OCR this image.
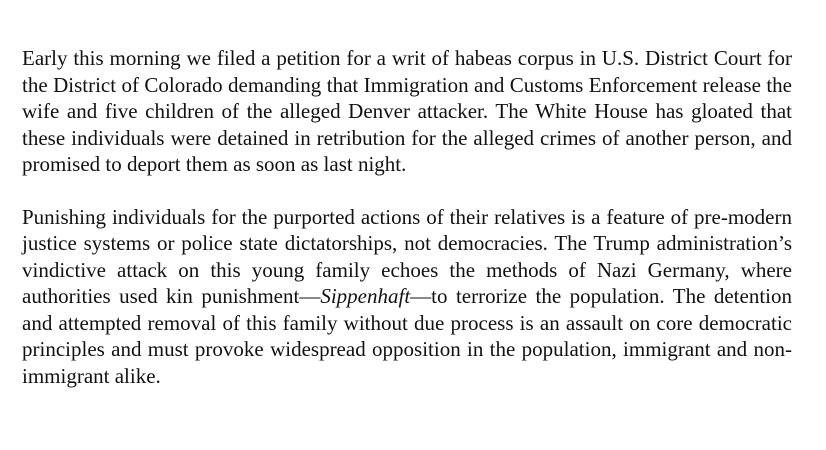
Early this morning we filed a petition for a writ of habeas corpus in U.S. District Court for the District of Colorado demanding that Immigration and Customs Enforcement release the wife and five children of the alleged Denver attacker. The White House has gloated that these individuals were detained in retribution for the alleged crimes of another person, and promised to deport them as soon as last night.

Punishing individuals for the purported actions of their relatives is a feature of pre-modern justice systems or police state dictatorships, not democracies. The Trump administration’s vindictive attack on this young family echoes the methods of Nazi Germany, where authorities used kin punishment—Sippenhaft—to terrorize the population. The detention and attempted removal of this family without due process is an assault on core democratic principles and must provoke widespread opposition in the population, immigrant and non-immigrant alike.
